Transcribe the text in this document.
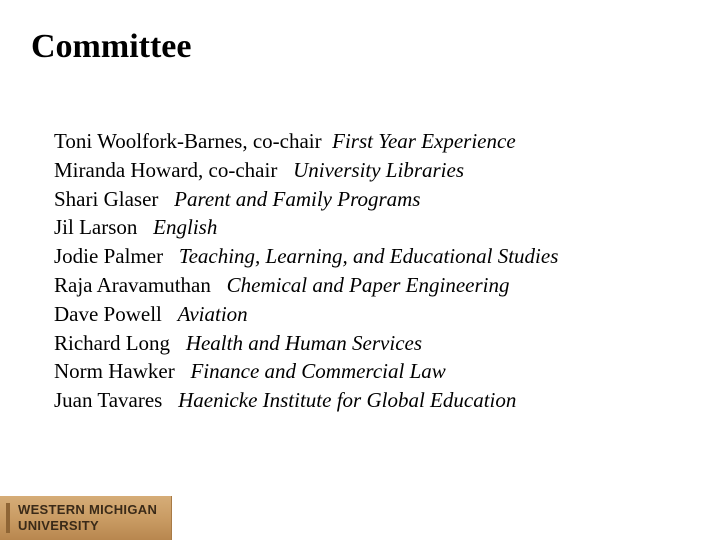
Committee
Toni Woolfork-Barnes, co-chair First Year Experience
Miranda Howard, co-chair University Libraries
Shari Glaser Parent and Family Programs
Jil Larson English
Jodie Palmer Teaching, Learning, and Educational Studies
Raja Aravamuthan Chemical and Paper Engineering
Dave Powell Aviation
Richard Long Health and Human Services
Norm Hawker Finance and Commercial Law
Juan Tavares Haenicke Institute for Global Education
WESTERN MICHIGAN
UNIVERSITY
